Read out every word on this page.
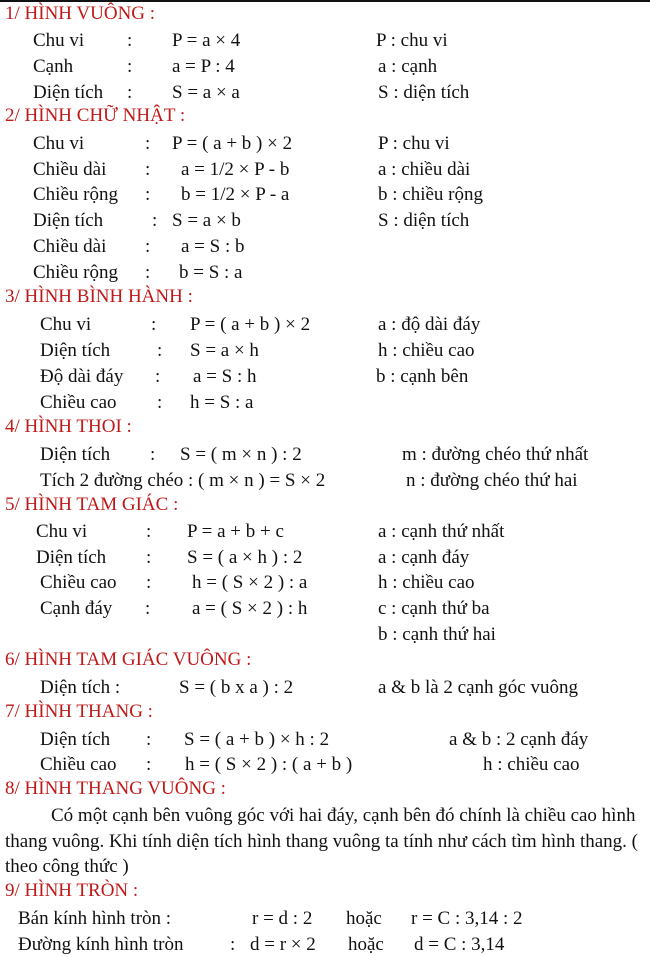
1/ HÌNH VUÔNG :
Chu vi : P = a × 4	P : chu vi
Cạnh	: a = P : 4	a : cạnh
Diện tích : S = a × a	S : diện tích
2/ HÌNH CHỮ NHẬT :
Chu vi	: P = ( a + b ) × 2	P : chu vi
Chiều dài : a = 1/2 × P - b	a : chiều dài
Chiều rộng : b = 1/2 × P - a	b : chiều rộng
Diện tích	: S = a × b	S : diện tích
Chiều dài : a = S : b
Chiều rộng : b = S : a
3/ HÌNH BÌNH HÀNH :
Chu vi	: P = ( a + b ) × 2	a : độ dài đáy
Diện tích : S = a × h	h : chiều cao
Độ dài đáy : a = S : h	b : cạnh bên
Chiều cao : h = S : a
4/ HÌNH THOI :
Diện tích : S = ( m × n ) : 2	m : đường chéo thứ nhất
Tích 2 đường chéo : ( m × n ) = S × 2	n : đường chéo thứ hai
5/ HÌNH TAM GIÁC :
Chu vi	: P = a + b + c	a : cạnh thứ nhất
Diện tích : S = ( a × h ) : 2	a : cạnh đáy
Chiều cao : h = ( S × 2 ) : a	h : chiều cao
Cạnh đáy : a = ( S × 2 ) : h	c : cạnh thứ ba
b : cạnh thứ hai
6/ HÌNH TAM GIÁC VUÔNG :
Diện tích :	S = ( b x a ) : 2	a & b là 2 cạnh góc vuông
7/ HÌNH THANG :
Diện tích : S = ( a + b ) × h : 2	a & b : 2 cạnh đáy
Chiều cao : h = ( S × 2 ) : ( a + b )	h : chiều cao
8/ HÌNH THANG VUÔNG :
Có một cạnh bên vuông góc với hai đáy, cạnh bên đó chính là chiều cao hình thang vuông. Khi tính diện tích hình thang vuông ta tính như cách tìm hình thang. ( theo công thức )
9/ HÌNH TRÒN :
Bán kính hình tròn :	r = d : 2 hoặc r = C : 3,14 : 2
Đường kính hình tròn : d = r × 2 hoặc d = C : 3,14
